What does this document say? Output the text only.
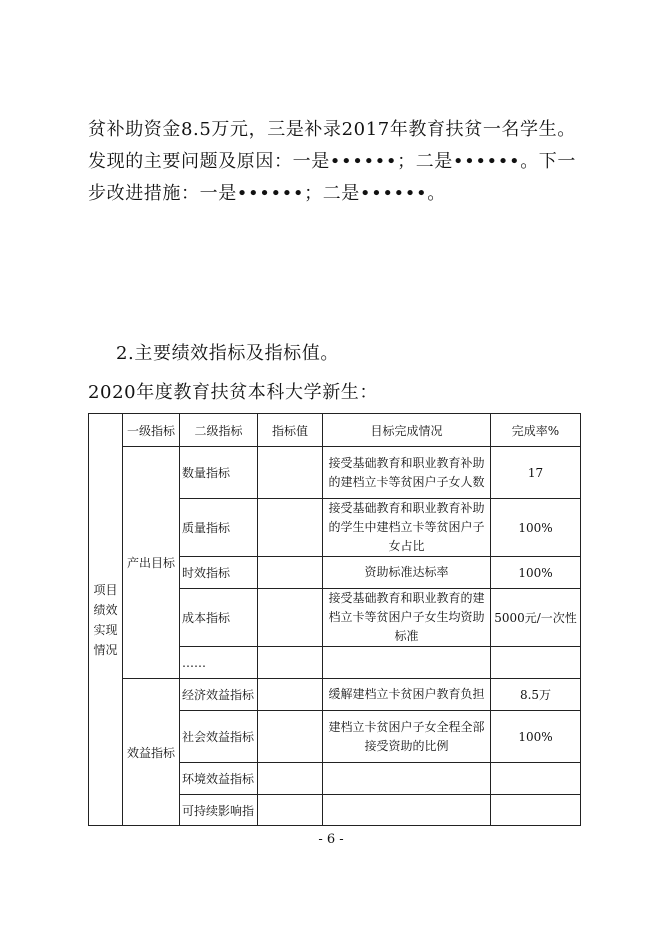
贫补助资金8.5万元，三是补录2017年教育扶贫一名学生。发现的主要问题及原因：一是••••••；二是••••••。下一步改进措施：一是••••••；二是••••••。
2.主要绩效指标及指标值。
2020年度教育扶贫本科大学新生：
项目绩效实现情况	一级指标	二级指标	指标值	目标完成情况	完成率%
	产出目标	数量指标		接受基础教育和职业教育补助的建档立卡等贫困户子女人数	17
		质量指标		接受基础教育和职业教育补助的学生中建档立卡等贫困户子女占比	100%
		时效指标		资助标准达标率	100%
		成本指标		接受基础教育和职业教育的建档立卡等贫困户子女生均资助标准	5000元/一次性
		……			
	效益指标	经济效益指标		缓解建档立卡贫困户教育负担	8.5万
		社会效益指标		建档立卡贫困户子女全程全部接受资助的比例	100%
		环境效益指标			
		可持续影响指			
- 6 -
